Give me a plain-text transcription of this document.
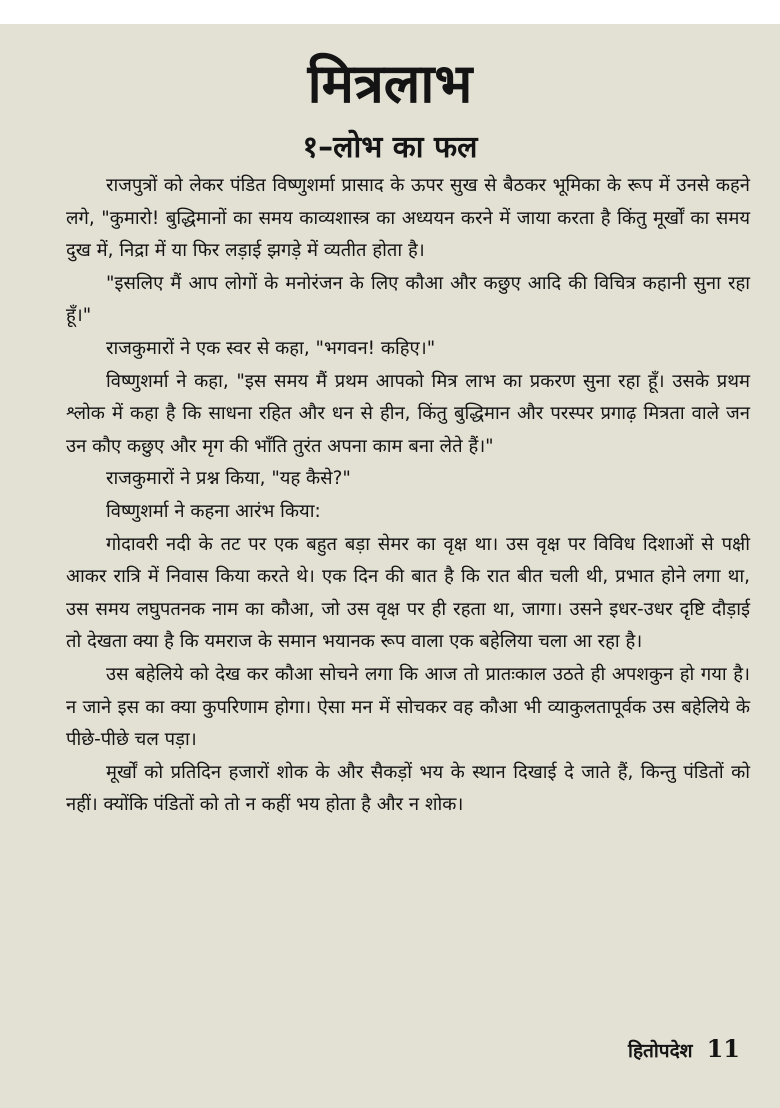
मित्रलाभ
१–लोभ का फल

राजपुत्रों को लेकर पंडित विष्णुशर्मा प्रासाद के ऊपर सुख से बैठकर भूमिका के रूप में उनसे कहने लगे, "कुमारो! बुद्धिमानों का समय काव्यशास्त्र का अध्ययन करने में जाया करता है किंतु मूर्खों का समय दुख में, निद्रा में या फिर लड़ाई झगड़े में व्यतीत होता है।

"इसलिए मैं आप लोगों के मनोरंजन के लिए कौआ और कछुए आदि की विचित्र कहानी सुना रहा हूँ।"

राजकुमारों ने एक स्वर से कहा, "भगवन! कहिए।"

विष्णुशर्मा ने कहा, "इस समय मैं प्रथम आपको मित्र लाभ का प्रकरण सुना रहा हूँ। उसके प्रथम श्लोक में कहा है कि साधना रहित और धन से हीन, किंतु बुद्धिमान और परस्पर प्रगाढ़ मित्रता वाले जन उन कौए कछुए और मृग की भाँति तुरंत अपना काम बना लेते हैं।"

राजकुमारों ने प्रश्न किया, "यह कैसे?"

विष्णुशर्मा ने कहना आरंभ किया:

गोदावरी नदी के तट पर एक बहुत बड़ा सेमर का वृक्ष था। उस वृक्ष पर विविध दिशाओं से पक्षी आकर रात्रि में निवास किया करते थे। एक दिन की बात है कि रात बीत चली थी, प्रभात होने लगा था, उस समय लघुपतनक नाम का कौआ, जो उस वृक्ष पर ही रहता था, जागा। उसने इधर-उधर दृष्टि दौड़ाई तो देखता क्या है कि यमराज के समान भयानक रूप वाला एक बहेलिया चला आ रहा है।

उस बहेलिये को देख कर कौआ सोचने लगा कि आज तो प्रातःकाल उठते ही अपशकुन हो गया है। न जाने इस का क्या कुपरिणाम होगा। ऐसा मन में सोचकर वह कौआ भी व्याकुलतापूर्वक उस बहेलिये के पीछे-पीछे चल पड़ा।

मूर्खों को प्रतिदिन हजारों शोक के और सैकड़ों भय के स्थान दिखाई दे जाते हैं, किन्तु पंडितों को नहीं। क्योंकि पंडितों को तो न कहीं भय होता है और न शोक।

हितोपदेश 11
